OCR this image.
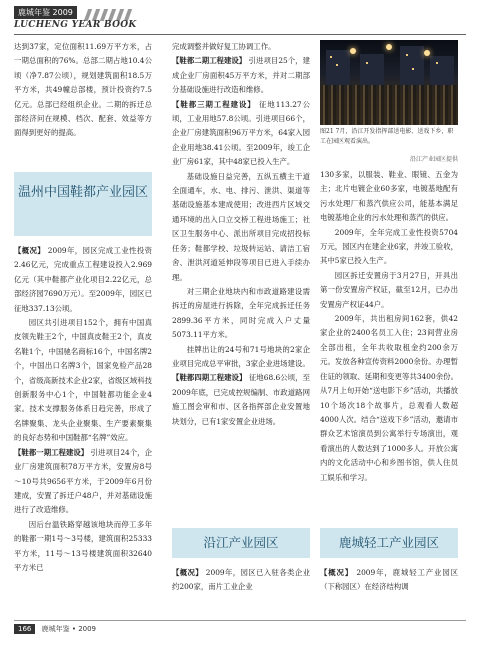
鹿城年鉴 2009
LUCHENG YEAR BOOK

达到37家，定位面积11.69万平方米，占一期总面积的76%。总部二期占地10.4公顷（净7.87公顷），规划建筑面积18.5万平方米，共49幢总部楼，预计投资约7.5亿元。总部已经组织企业。二期的拆迁总部经济问在规模、档次、配套、效益等方面得到更好的提高。

温州中国鞋都产业园区

【概况】 2009年，园区完成工业性投资2.46亿元，完成重点工程建设投入2.969亿元（其中鞋都产业化项目2.22亿元，总部经济园7690万元）。至2009年，园区已征地337.13公顷。

园区共引进项目152个，拥有中国真皮领先鞋王2个，中国真皮鞋王2个，真皮名鞋1个，中国驰名商标16个，中国名牌2个，中国出口名牌3个，国家免检产品28个，省级高新技术企业2家，省级区域科技创新服务中心1个，中国鞋都功能企业4家。技术支撑服务体系日趋完善，形成了名牌聚集、龙头企业聚集、生产要素聚集的良好态势和中国鞋都“名牌”效应。

【鞋都一期工程建设】 引进项目24个，企业厂房建筑面积78万平方米，安置房8号～10号共9656平方米，于2009年6月份建成，安置了拆迁户48户，并对基础设施进行了改造维修。

因后台温铁路穿越该地块而停工多年的鞋都一期1号～3号楼，建筑面积25333平方米，11号～13号楼建筑面积32640平方米已

完成调整并做好复工协调工作。

【鞋都二期工程建设】 引进项目25个，建成企业厂房面积45万平方米，并对二期部分基础设施进行改造和维修。

【鞋都三期工程建设】 征地113.27公顷，工业用地57.8公顷。引进项目66个，企业厂房建筑面积96万平方米，64家入园企业用地38.41公顷。至2009年，竣工企业厂房61家，其中48家已投入生产。

基础设施日益完善，五纵五横主干道全面通车，水、电、排污、泄洪、渠道等基础设施基本建成使用；改进西片区域交通环境的出入口立交桥工程进场施工；社区卫生服务中心、派出所项目完成招投标任务；鞋都学校、垃圾转运站、请洁工宿舍、泄洪河道延伸段等项目已进入手续办理。

对三期企业地块内和市政道路建设需拆迁的房屋进行拆除，全年完成拆迁任务2899.36平方米，同时完成入户丈量5073.11平方米。

挂牌出让的24号和71号地块的2家企业项目完成总平审批，3家企业进场建设。

【鞋都四期工程建设】 征地68.6公顷，至2009年底，已完成控规编制、市政道路网施工图会审和市、区各指挥部企业安置地块划分，已有1家安置企业进场。

沿江产业园区

【概况】 2009年，园区已入驻各类企业约200家，南片工业企业

图21 7月，沿江开发指挥部送电影、送戏下乡，职工在园区观看演出。
沿江产业园区提供

130多家，以服装、鞋业、眼镜、五金为主；北片电镀企业60多家，电镀基地配有污水处理厂和蒸汽供应公司，能基本满足电镀基地企业的污水处理和蒸汽的供应。

2009年，全年完成工业性投资5704万元，园区内在建企业6家，并竣工验收，其中5家已投入生产。

园区拆迁安置房于3月27日，开具出第一份安置房产权证，截至12月，已办出安置房产权证44户。

2009年，共出租房间162套，供42家企业的2400名员工入住；23间营业房全部出租，全年共收取租金约200余万元。发放各种宣传资料2000余份。办理暂住证的领取、延期和变更等共3400余份。从7月上旬开始“送电影下乡”活动，共播放10个场次18个故事片，总观看人数超4000人次。结合“送戏下乡”活动，邀请市群众艺术馆演员到公寓举行专场演出，观看演出的人数达到了1000多人。开放公寓内的文化活动中心和乡图书馆，供人住员工娱乐和学习。

鹿城轻工产业园区

【概况】 2009年，鹿城轻工产业园区（下称园区）在经济结构调

166 鹿城年鉴 • 2009
